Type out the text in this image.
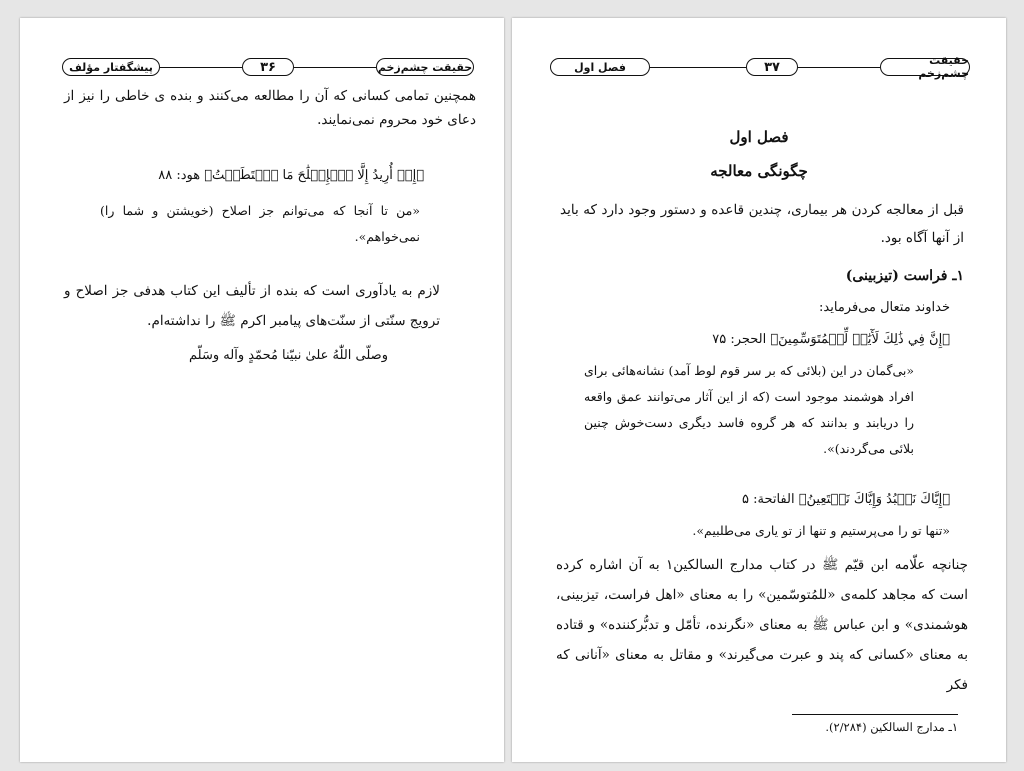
پیشگفتار مؤلف	۳۶	حقیقت چشم‌زخم
همچنین تمامی کسانی که آن را مطالعه می‌کنند و بنده ی خاطی را نیز از دعای خود محروم نمی‌نمایند.
﴿إِنۡ أُرِيدُ إِلَّا ٱلۡإِصۡلَٰحَ مَا ٱسۡتَطَعۡتُ﴾ هود: ۸۸
«من تا آنجا که می‌توانم جز اصلاح (خویشتن و شما را) نمی‌خواهم».
لازم به یادآوری است که بنده از تألیف این کتاب هدفی جز اصلاح و ترویج سنّتی از سنّت‌های پیامبر اکرم ﷺ را نداشته‌ام.
وصلّى اللّٰهُ علىٰ نبيّنا مُحمّدٍ وآله وسَلّم
فصل اول	۳۷	حقیقت چشم‌زخم
فصل اول
چگونگی معالجه
قبل از معالجه کردن هر بیماری، چندین قاعده و دستور وجود دارد که باید از آنها آگاه بود.
۱ـ فراست (تیزبینی)
خداوند متعال می‌فرماید:
﴿إِنَّ فِي ذَٰلِكَ لَأٓيَٰتٖ لِّلۡمُتَوَسِّمِينَ﴾ الحجر: ۷۵
«بی‌گمان در این (بلائی که بر سر قوم لوط آمد) نشانه‌هائی برای افراد هوشمند موجود است (که از این آثار می‌توانند عمق واقعه را دریابند و بدانند که هر گروه فاسد دیگری دست‌خوش چنین بلائی می‌گردند)».
﴿إِيَّاكَ نَعۡبُدُ وَإِيَّاكَ نَسۡتَعِينُ﴾ الفاتحة: ۵
«تنها تو را می‌پرستیم و تنها از تو یاری می‌طلبیم».
چنانچه علّامه ابن قیّم ﷺ در کتاب مدارج السالکین۱ به آن اشاره کرده است که مجاهد کلمه‌ی «للمُتوسّمین» را به معنای «اهل فراست، تیزبینی، هوشمندی» و ابن عباس ﷺ به معنای «نگرنده، تأمّل و تدبُّرکننده» و قتاده به معنای «کسانی که پند و عبرت می‌گیرند» و مقاتل به معنای «آنانی که فکر
۱ـ مدارج السالکین (۲/۲۸۴).
